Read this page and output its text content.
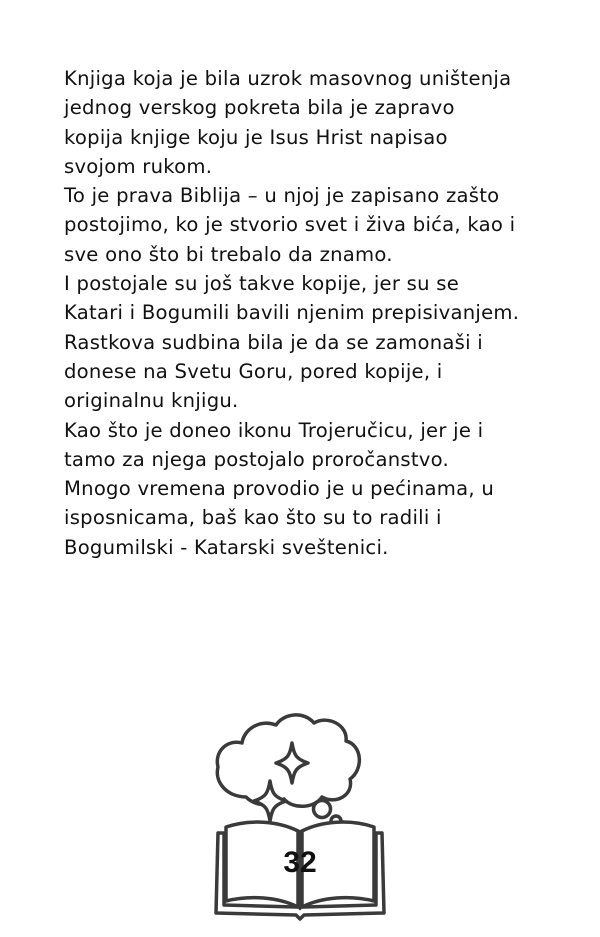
Knjiga koja je bila uzrok masovnog uništenja
jednog verskog pokreta bila je zapravo
kopija knjige koju je Isus Hrist napisao
svojom rukom.
To je prava Biblija – u njoj je zapisano zašto
postojimo, ko je stvorio svet i živa bića, kao i
sve ono što bi trebalo da znamo.
I postojale su još takve kopije, jer su se
Katari i Bogumili bavili njenim prepisivanjem.
Rastkova sudbina bila je da se zamonaši i
donese na Svetu Goru, pored kopije, i
originalnu knjigu.
Kao što je doneo ikonu Trojeručicu, jer je i
tamo za njega postojalo proročanstvo.
Mnogo vremena provodio je u pećinama, u
isposnicama, baš kao što su to radili i
Bogumilski - Katarski sveštenici.
32
